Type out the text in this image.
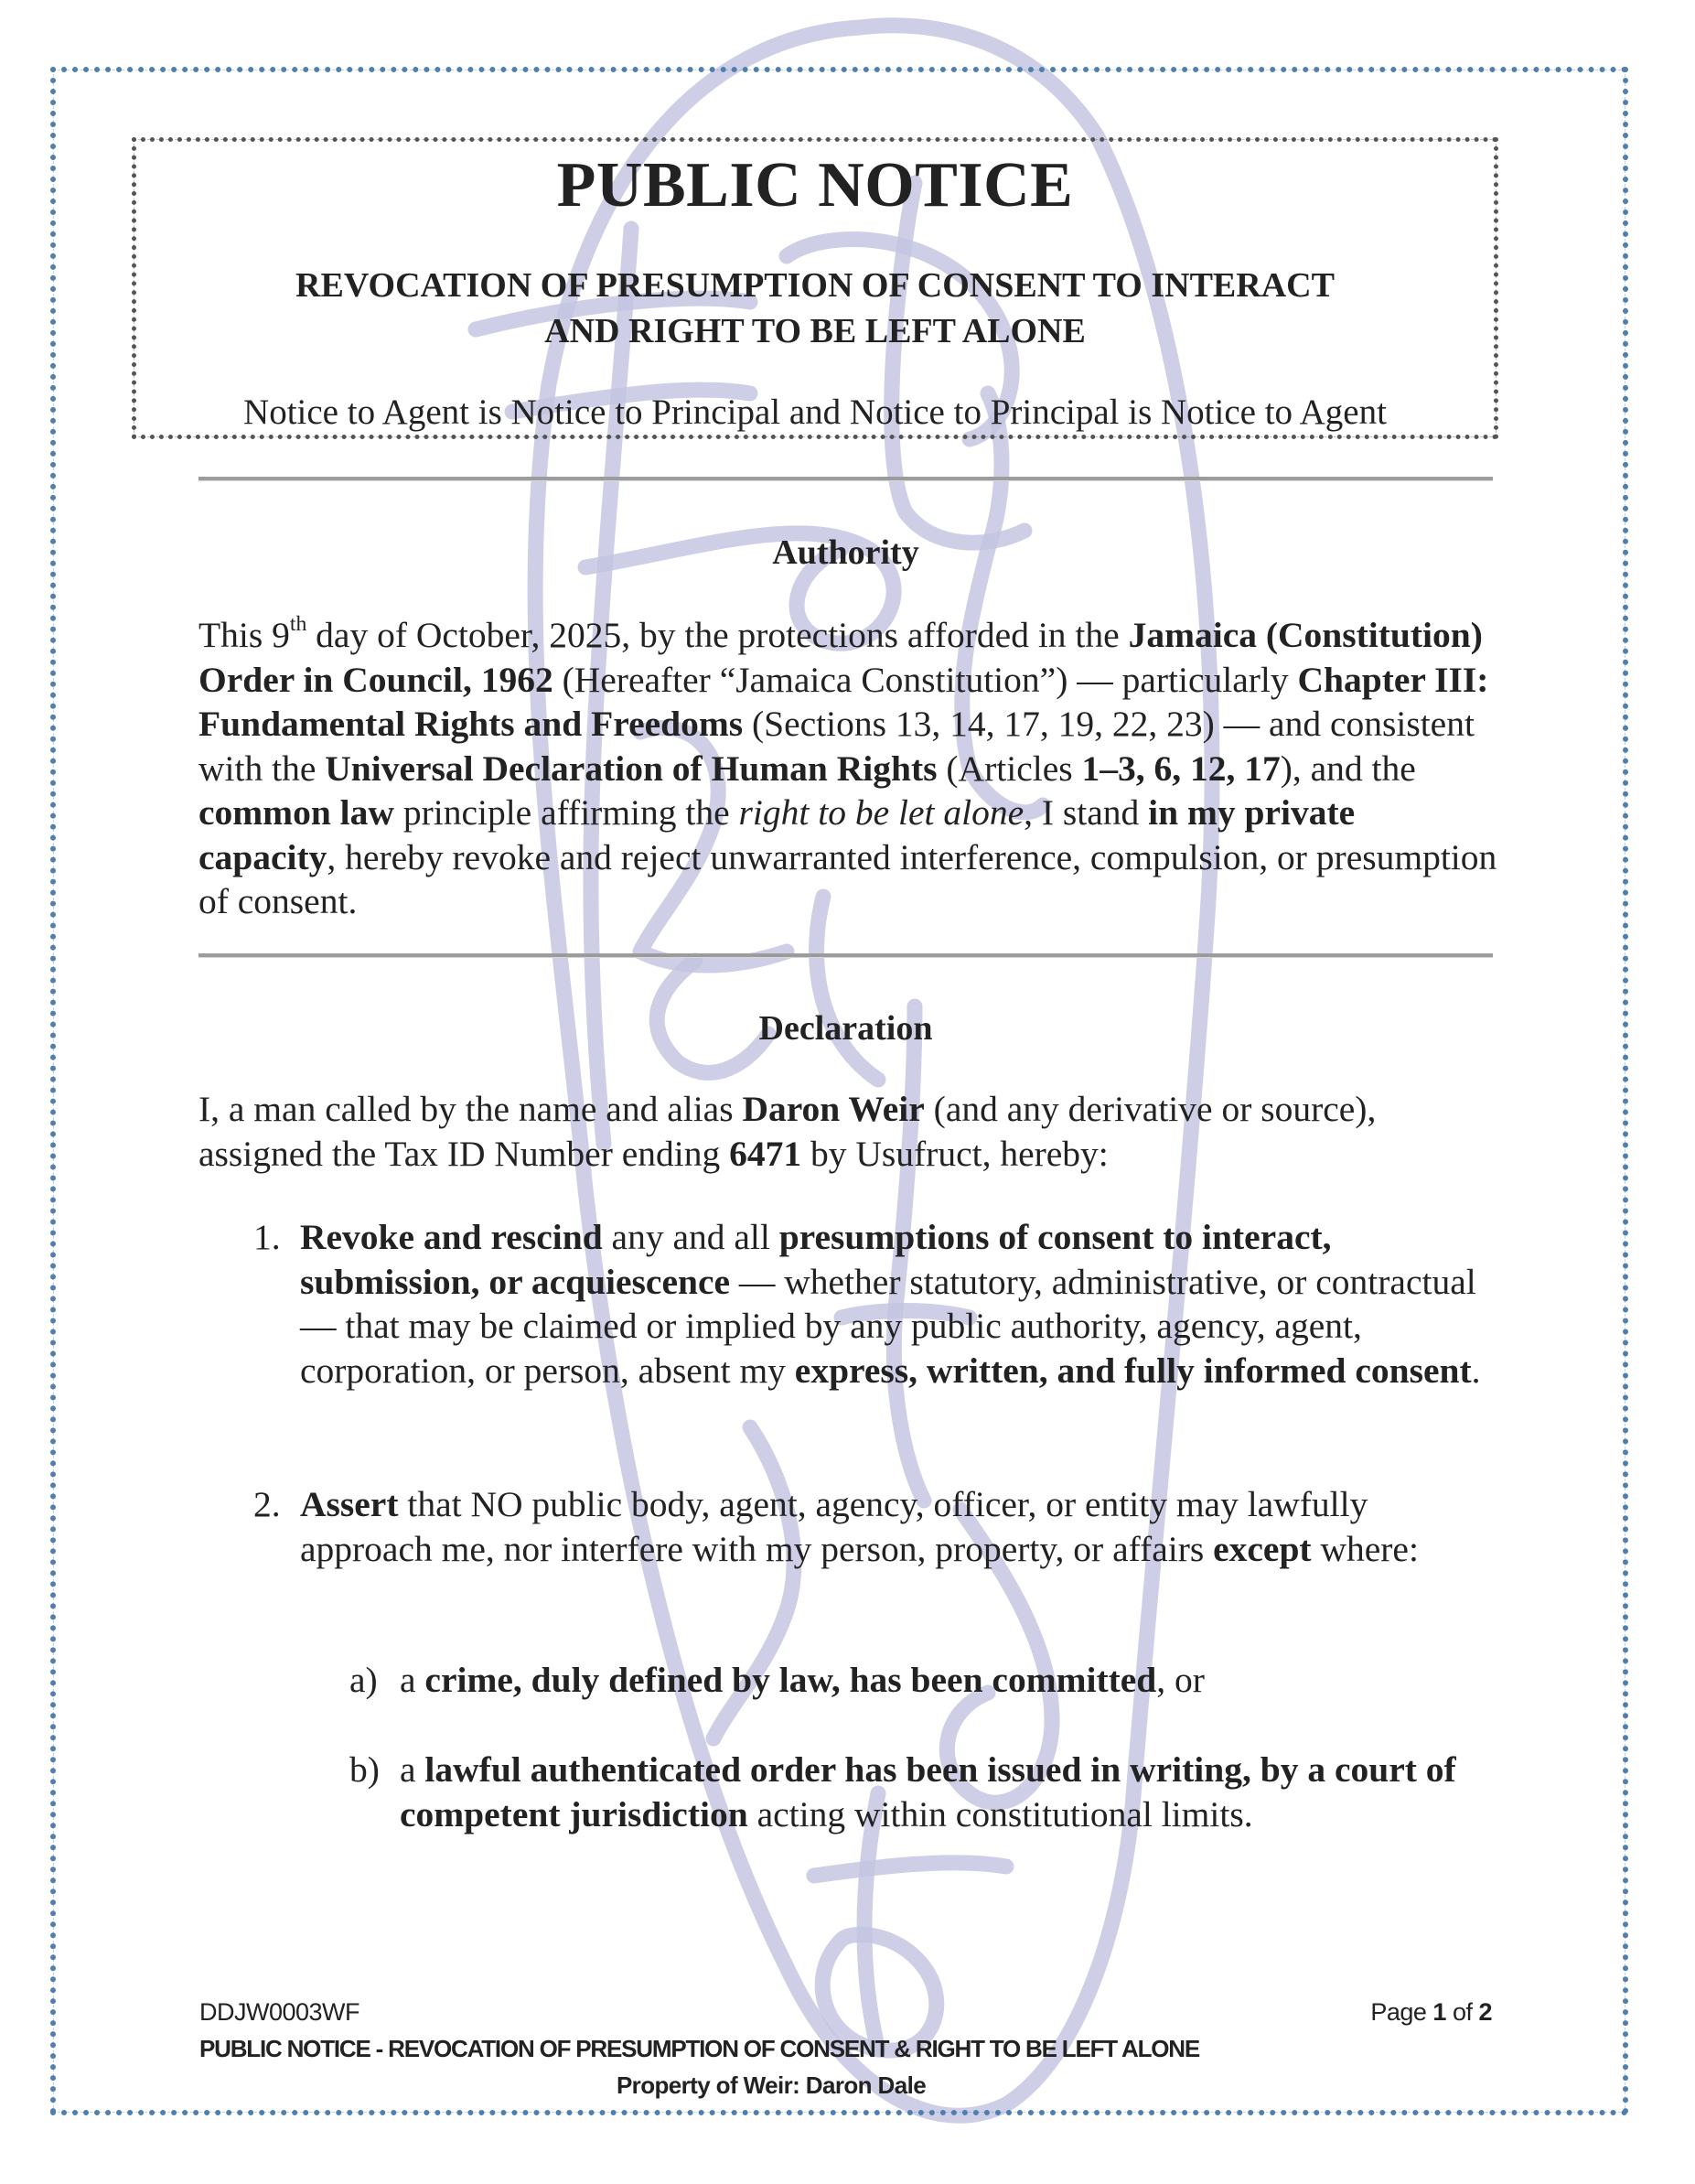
PUBLIC NOTICE
REVOCATION OF PRESUMPTION OF CONSENT TO INTERACT
AND RIGHT TO BE LEFT ALONE
Notice to Agent is Notice to Principal and Notice to Principal is Notice to Agent
Authority
This 9th day of October, 2025, by the protections afforded in the Jamaica (Constitution) Order in Council, 1962 (Hereafter “Jamaica Constitution”) — particularly Chapter III: Fundamental Rights and Freedoms (Sections 13, 14, 17, 19, 22, 23) — and consistent with the Universal Declaration of Human Rights (Articles 1–3, 6, 12, 17), and the common law principle affirming the right to be let alone, I stand in my private capacity, hereby revoke and reject unwarranted interference, compulsion, or presumption of consent.
Declaration
I, a man called by the name and alias Daron Weir (and any derivative or source), assigned the Tax ID Number ending 6471 by Usufruct, hereby:
1. Revoke and rescind any and all presumptions of consent to interact, submission, or acquiescence — whether statutory, administrative, or contractual — that may be claimed or implied by any public authority, agency, agent, corporation, or person, absent my express, written, and fully informed consent.
2. Assert that NO public body, agent, agency, officer, or entity may lawfully approach me, nor interfere with my person, property, or affairs except where:
a) a crime, duly defined by law, has been committed, or
b) a lawful authenticated order has been issued in writing, by a court of competent jurisdiction acting within constitutional limits.
DDJW0003WF	Page 1 of 2
PUBLIC NOTICE - REVOCATION OF PRESUMPTION OF CONSENT & RIGHT TO BE LEFT ALONE
Property of Weir: Daron Dale
